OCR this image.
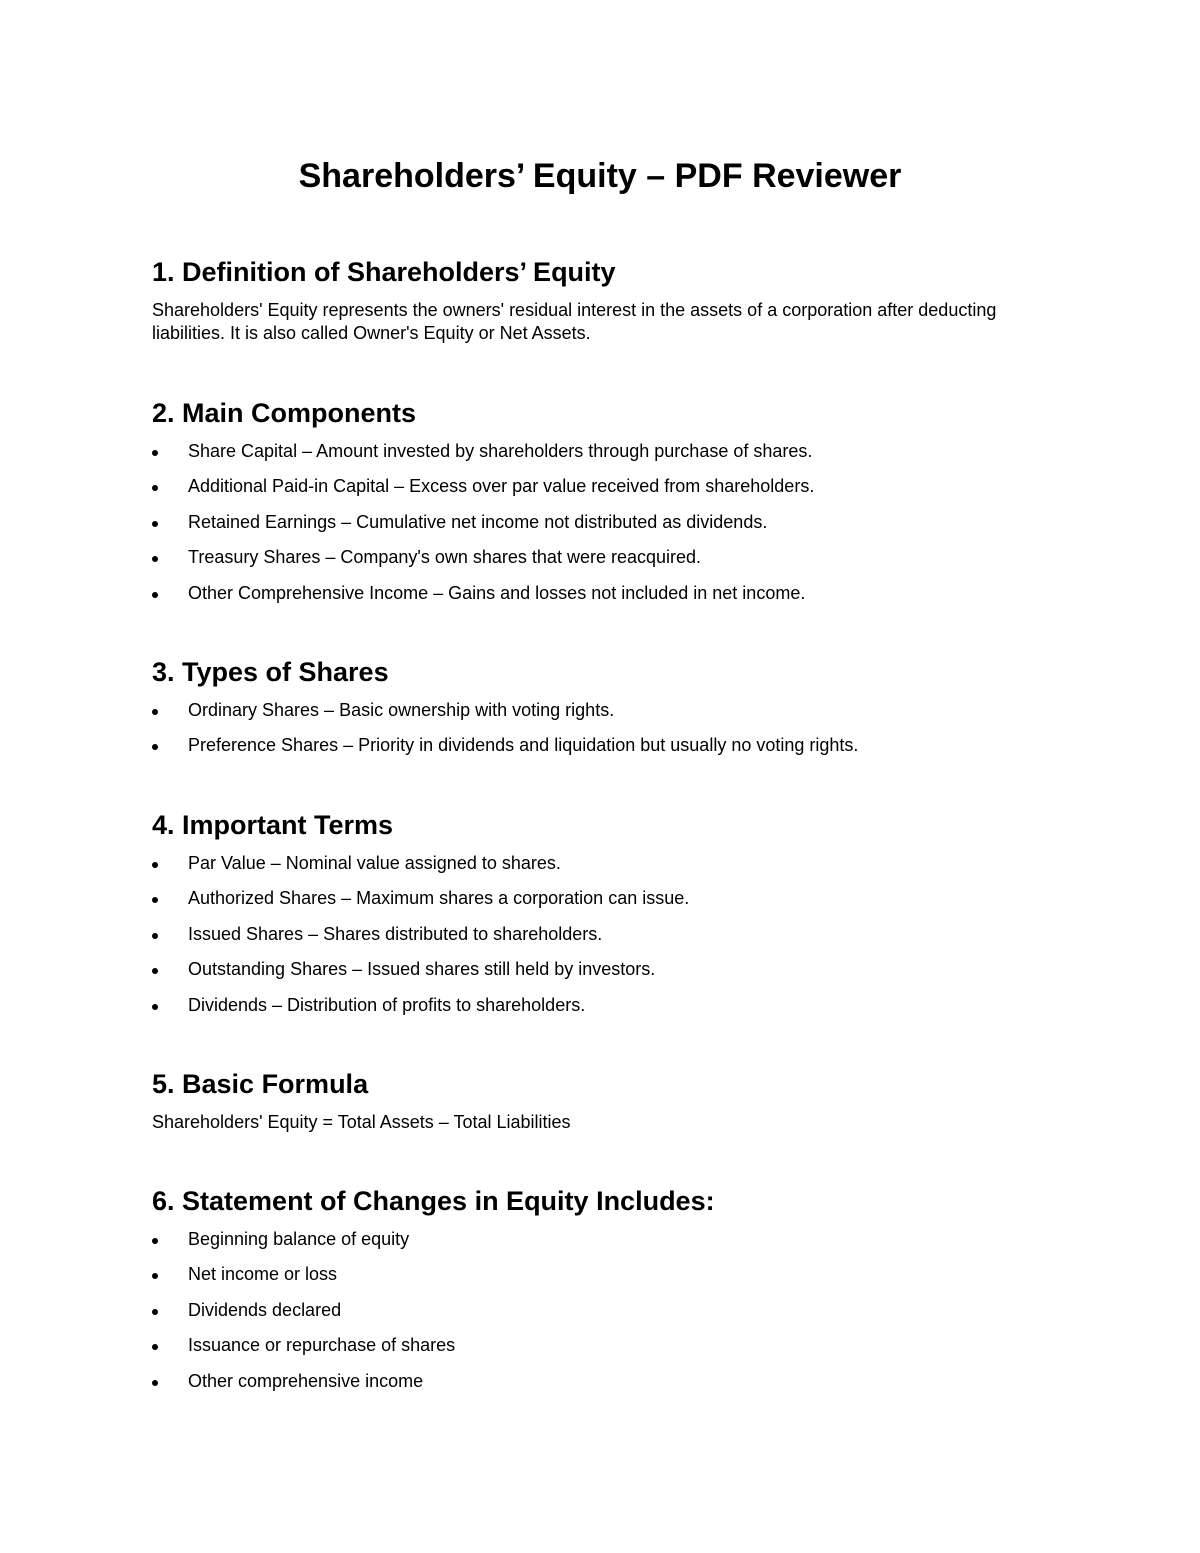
Shareholders’ Equity – PDF Reviewer
1. Definition of Shareholders’ Equity

Shareholders' Equity represents the owners' residual interest in the assets of a corporation after deducting liabilities. It is also called Owner's Equity or Net Assets.

2. Main Components
Share Capital – Amount invested by shareholders through purchase of shares.
Additional Paid-in Capital – Excess over par value received from shareholders.
Retained Earnings – Cumulative net income not distributed as dividends.
Treasury Shares – Company's own shares that were reacquired.
Other Comprehensive Income – Gains and losses not included in net income.
3. Types of Shares
Ordinary Shares – Basic ownership with voting rights.
Preference Shares – Priority in dividends and liquidation but usually no voting rights.
4. Important Terms
Par Value – Nominal value assigned to shares.
Authorized Shares – Maximum shares a corporation can issue.
Issued Shares – Shares distributed to shareholders.
Outstanding Shares – Issued shares still held by investors.
Dividends – Distribution of profits to shareholders.
5. Basic Formula

Shareholders' Equity = Total Assets – Total Liabilities

6. Statement of Changes in Equity Includes:
Beginning balance of equity
Net income or loss
Dividends declared
Issuance or repurchase of shares
Other comprehensive income
